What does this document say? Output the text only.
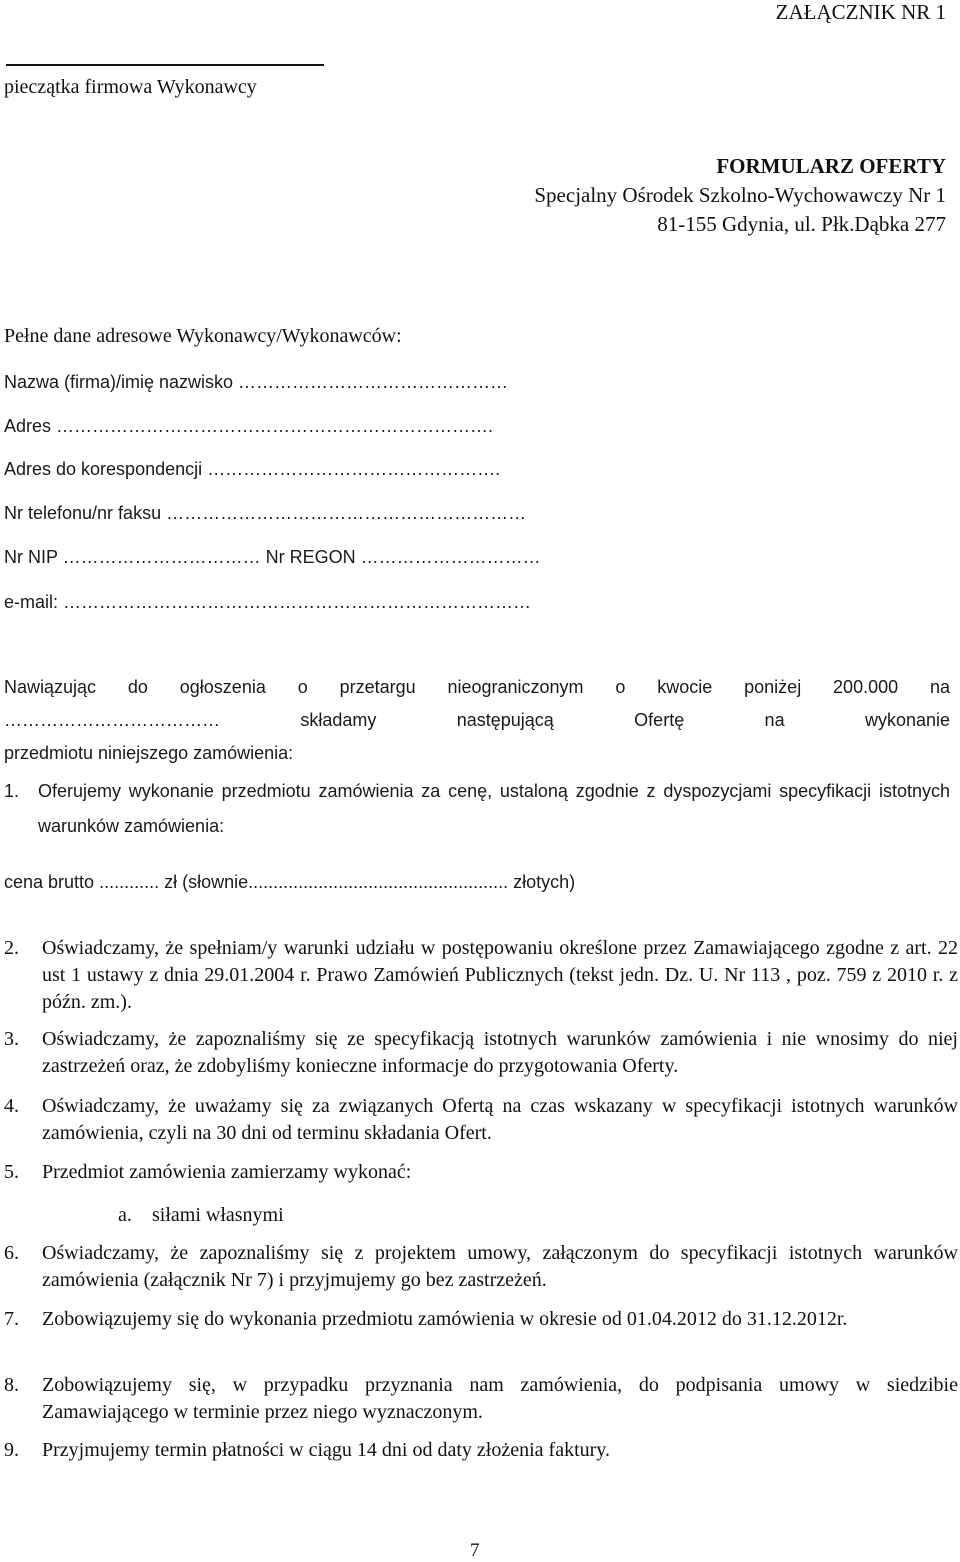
ZAŁĄCZNIK NR 1
pieczątka firmowa Wykonawcy
FORMULARZ OFERTY
Specjalny Ośrodek Szkolno-Wychowawczy Nr 1
81-155 Gdynia, ul. Płk.Dąbka 277
Pełne dane adresowe Wykonawcy/Wykonawców:
Nazwa (firma)/imię nazwisko ………………………………………
Adres ……………………………………………………………….
Adres do korespondencji ………………………………………….
Nr telefonu/nr faksu ……………………………………………………
Nr NIP …………………………… Nr REGON …………………………
e-mail: ……………………………………………………………………
Nawiązując do ogłoszenia o przetargu nieograniczonym o kwocie poniżej 200.000 na
……………………………… składamy następującą Ofertę na wykonanie
przedmiotu niniejszego zamówienia:
1.	Oferujemy wykonanie przedmiotu zamówienia za cenę, ustaloną zgodnie z dyspozycjami specyfikacji istotnych warunków zamówienia:
cena brutto ............ zł (słownie.................................................... złotych)
2.	Oświadczamy, że spełniam/y warunki udziału w postępowaniu określone przez Zamawiającego zgodne z art. 22 ust 1 ustawy z dnia 29.01.2004 r. Prawo Zamówień Publicznych (tekst jedn. Dz. U. Nr 113 , poz. 759 z 2010 r. z późn. zm.).
3.	Oświadczamy, że zapoznaliśmy się ze specyfikacją istotnych warunków zamówienia i nie wnosimy do niej zastrzeżeń oraz, że zdobyliśmy konieczne informacje do przygotowania Oferty.
4.	Oświadczamy, że uważamy się za związanych Ofertą na czas wskazany w specyfikacji istotnych warunków zamówienia, czyli na 30 dni od terminu składania Ofert.
5.	Przedmiot zamówienia zamierzamy wykonać:
a. siłami własnymi
6.	Oświadczamy, że zapoznaliśmy się z projektem umowy, załączonym do specyfikacji istotnych warunków zamówienia (załącznik Nr 7) i przyjmujemy go bez zastrzeżeń.
7.	Zobowiązujemy się do wykonania przedmiotu zamówienia w okresie od 01.04.2012 do 31.12.2012r.
8.	Zobowiązujemy się, w przypadku przyznania nam zamówienia, do podpisania umowy w siedzibie Zamawiającego w terminie przez niego wyznaczonym.
9.	Przyjmujemy termin płatności w ciągu 14 dni od daty złożenia faktury.
7
